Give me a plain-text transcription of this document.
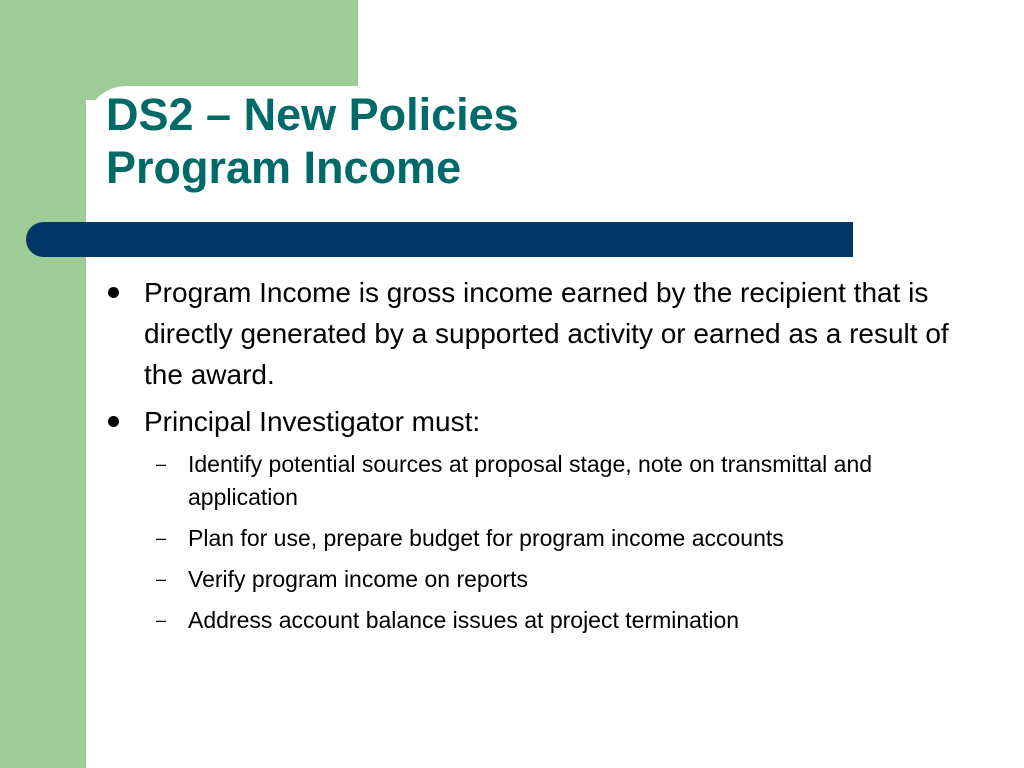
DS2 – New Policies
Program Income
Program Income is gross income earned by the recipient that is directly generated by a supported activity or earned as a result of the award.
Principal Investigator must:
– Identify potential sources at proposal stage, note on transmittal and application
– Plan for use, prepare budget for program income accounts
– Verify program income on reports
– Address account balance issues at project termination
